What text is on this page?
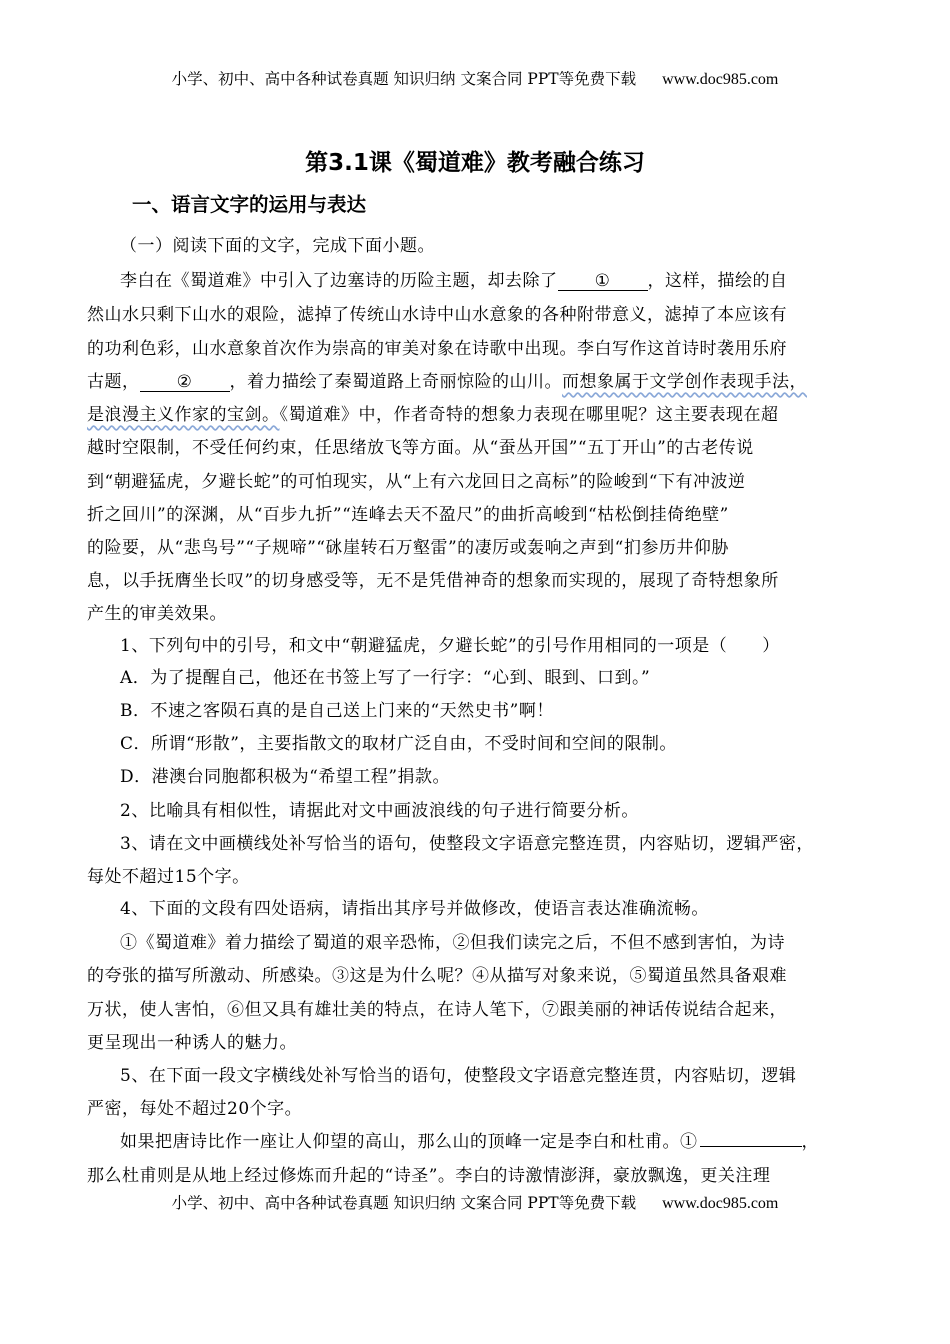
小学、初中、高中各种试卷真题 知识归纳 文案合同 PPT等免费下载 www.doc985.com
第3.1课《蜀道难》教考融合练习
一、语言文字的运用与表达
（一）阅读下面的文字，完成下面小题。
李白在《蜀道难》中引入了边塞诗的历险主题，却去除了 ① ，这样，描绘的自
然山水只剩下山水的艰险，滤掉了传统山水诗中山水意象的各种附带意义，滤掉了本应该有
的功利色彩，山水意象首次作为崇高的审美对象在诗歌中出现。李白写作这首诗时袭用乐府
古题， ② ，着力描绘了秦蜀道路上奇丽惊险的山川。而想象属于文学创作表现手法，
是浪漫主义作家的宝剑。《蜀道难》中，作者奇特的想象力表现在哪里呢？这主要表现在超
越时空限制，不受任何约束，任思绪放飞等方面。从“蚕丛开国”“五丁开山”的古老传说
到“朝避猛虎，夕避长蛇”的可怕现实，从“上有六龙回日之高标”的险峻到“下有冲波逆
折之回川”的深渊，从“百步九折”“连峰去天不盈尺”的曲折高峻到“枯松倒挂倚绝壁”
的险要，从“悲鸟号”“子规啼”“砯崖转石万壑雷”的凄厉或轰响之声到“扪参历井仰胁
息，以手抚膺坐长叹”的切身感受等，无不是凭借神奇的想象而实现的，展现了奇特想象所
产生的审美效果。
1、下列句中的引号，和文中“朝避猛虎，夕避长蛇”的引号作用相同的一项是（　　）
A．为了提醒自己，他还在书签上写了一行字：“心到、眼到、口到。”
B．不速之客陨石真的是自己送上门来的“天然史书”啊！
C．所谓“形散”，主要指散文的取材广泛自由，不受时间和空间的限制。
D．港澳台同胞都积极为“希望工程”捐款。
2、比喻具有相似性，请据此对文中画波浪线的句子进行简要分析。
3、请在文中画横线处补写恰当的语句，使整段文字语意完整连贯，内容贴切，逻辑严密，
每处不超过15个字。
4、下面的文段有四处语病，请指出其序号并做修改，使语言表达准确流畅。
①《蜀道难》着力描绘了蜀道的艰辛恐怖，②但我们读完之后，不但不感到害怕，为诗
的夸张的描写所激动、所感染。③这是为什么呢？④从描写对象来说，⑤蜀道虽然具备艰难
万状，使人害怕，⑥但又具有雄壮美的特点，在诗人笔下，⑦跟美丽的神话传说结合起来，
更呈现出一种诱人的魅力。
5、在下面一段文字横线处补写恰当的语句，使整段文字语意完整连贯，内容贴切，逻辑
严密，每处不超过20个字。
如果把唐诗比作一座让人仰望的高山，那么山的顶峰一定是李白和杜甫。①	，
那么杜甫则是从地上经过修炼而升起的“诗圣”。李白的诗激情澎湃，豪放飘逸，更关注理
小学、初中、高中各种试卷真题 知识归纳 文案合同 PPT等免费下载 www.doc985.com
